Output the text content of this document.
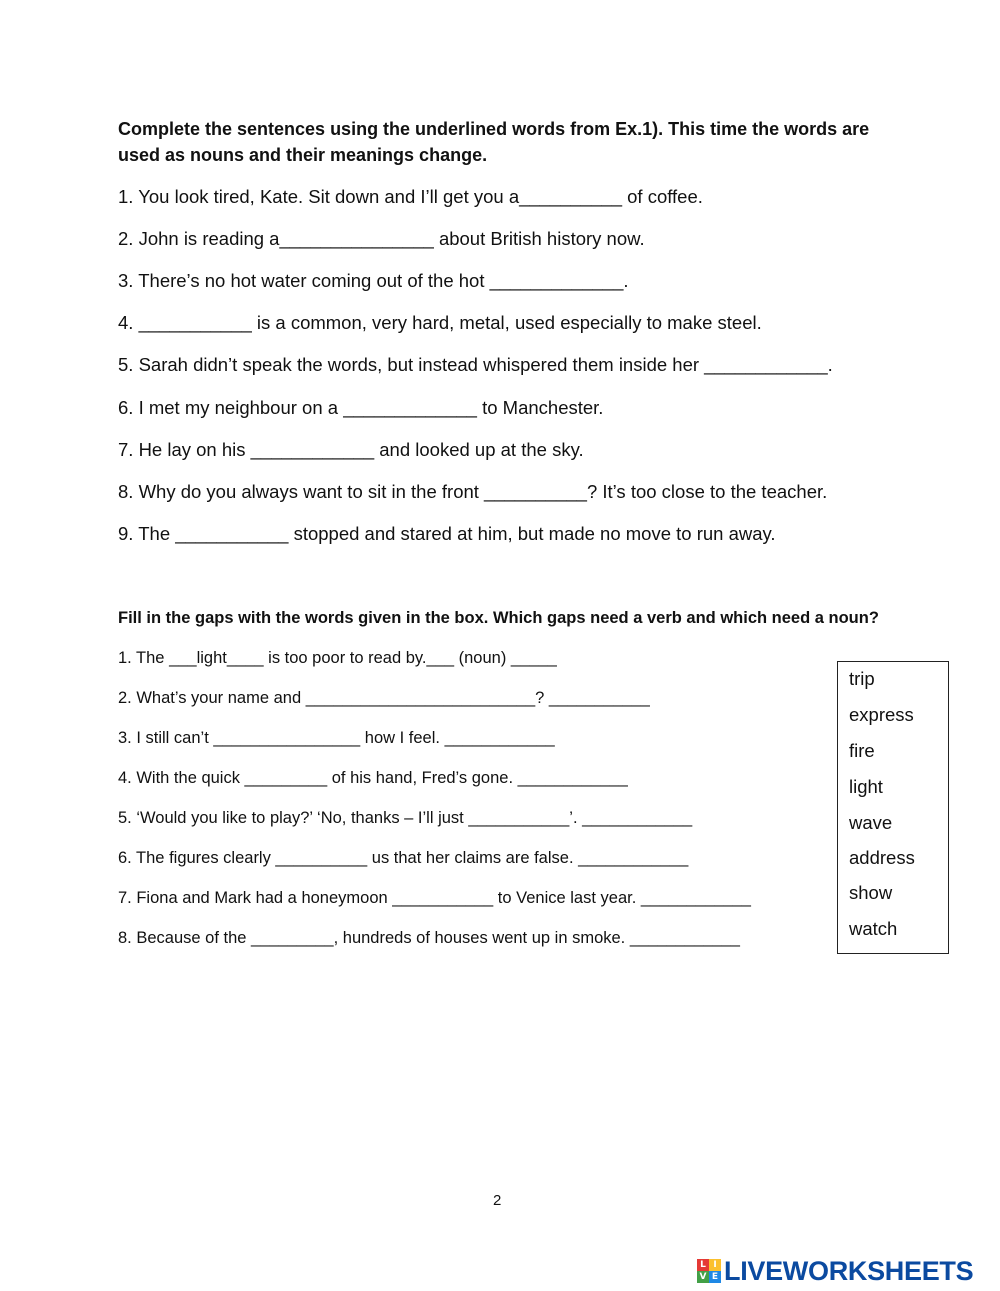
Complete the sentences using the underlined words from Ex.1). This time the words are
used as nouns and their meanings change.
1. You look tired, Kate. Sit down and I’ll get you a__________ of coffee.
2. John is reading a_______________ about British history now.
3. There’s no hot water coming out of the hot _____________.
4. ___________ is a common, very hard, metal, used especially to make steel.
5. Sarah didn’t speak the words, but instead whispered them inside her ____________.
6. I met my neighbour on a _____________ to Manchester.
7. He lay on his ____________ and looked up at the sky.
8. Why do you always want to sit in the front __________? It’s too close to the teacher.
9. The ___________ stopped and stared at him, but made no move to run away.
Fill in the gaps with the words given in the box. Which gaps need a verb and which need a noun?
1. The ___light____ is too poor to read by.___ (noun) _____
2. What’s your name and _________________________? ___________
3. I still can’t ________________ how I feel. ____________
4. With the quick _________ of his hand, Fred’s gone. ____________
5. ‘Would you like to play?’ ‘No, thanks – I’ll just ___________’. ____________
6. The figures clearly __________ us that her claims are false. ____________
7. Fiona and Mark had a honeymoon ___________ to Venice last year. ____________
8. Because of the _________, hundreds of houses went up in smoke. ____________
trip
express
fire
light
wave
address
show
watch
2
L I
V E LIVEWORKSHEETS
